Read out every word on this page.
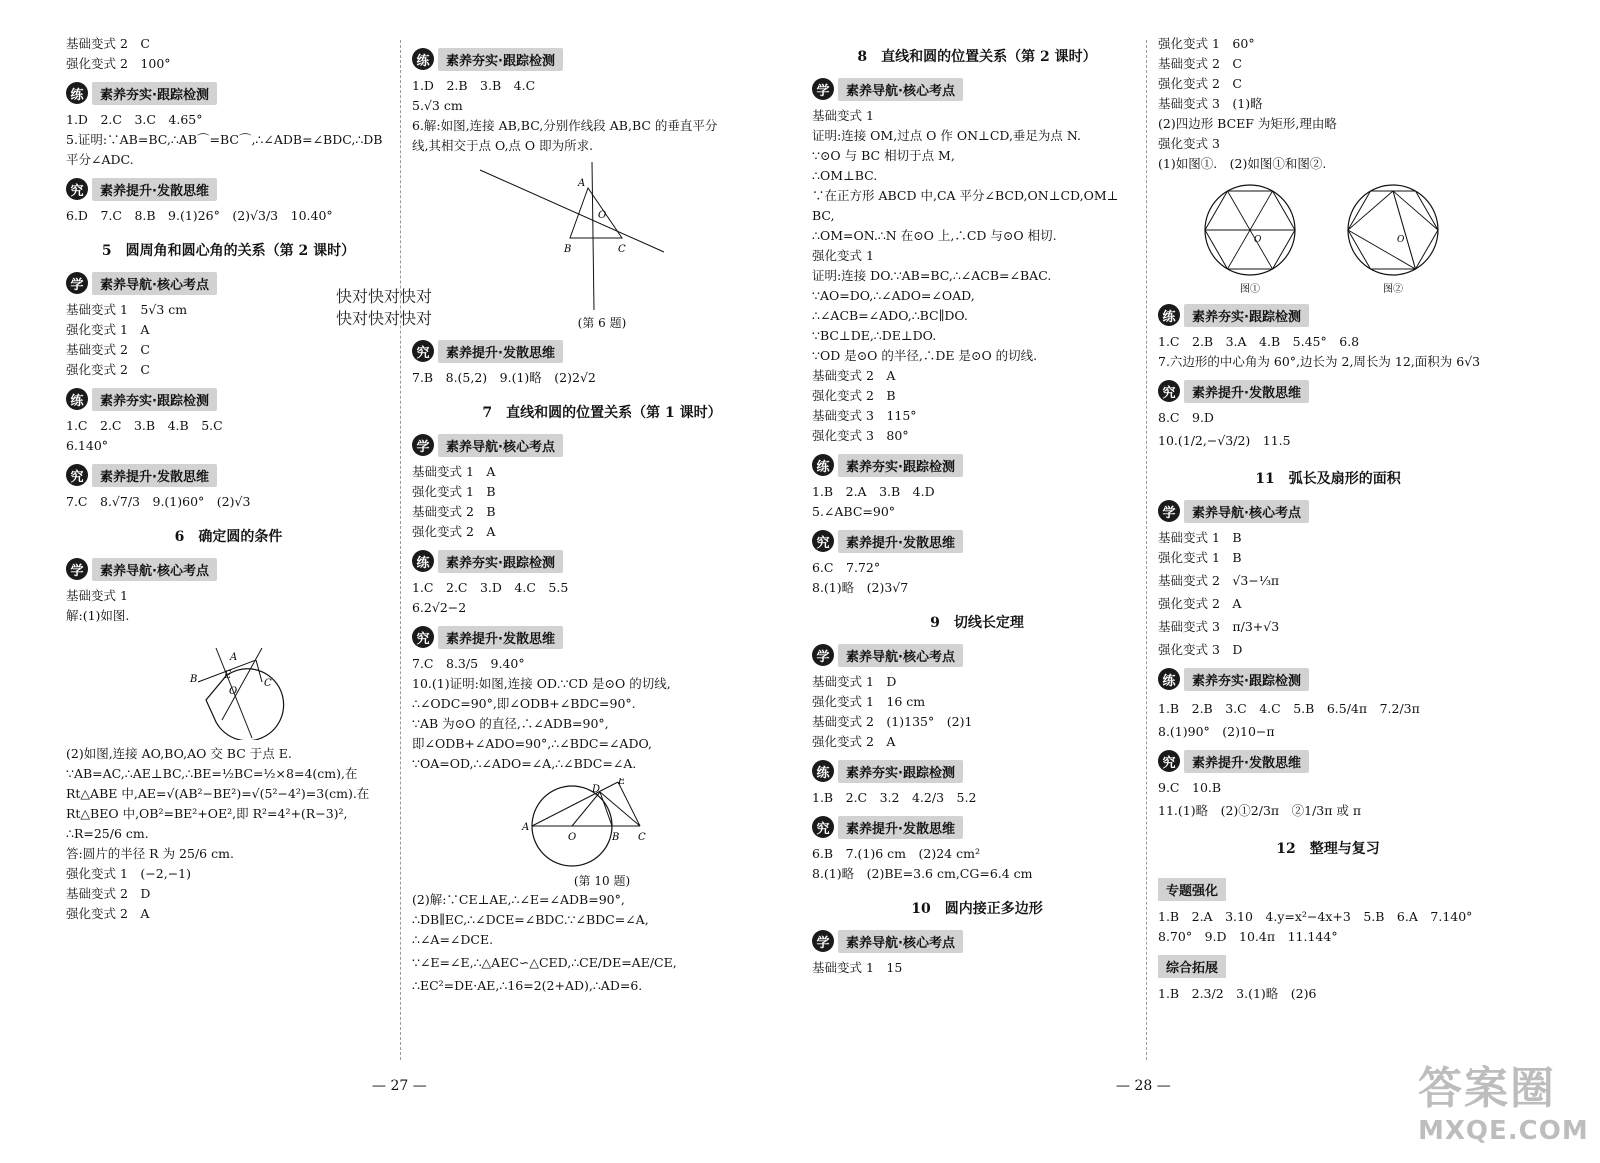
基础变式 2　C
强化变式 2　100°
练	素养夯实·跟踪检测
1.D　2.C　3.C　4.65°
5.证明:∵AB=BC,∴AB⌒=BC⌒,∴∠ADB=∠BDC,∴DB
平分∠ADC.
究	素养提升·发散思维
6.D　7.C　8.B　9.(1)26°　(2)√3/3　10.40°
5　圆周角和圆心角的关系（第 2 课时）
学	素养导航·核心考点
基础变式 1　5√3 cm
强化变式 1　A
基础变式 2　C
强化变式 2　C
练	素养夯实·跟踪检测
1.C　2.C　3.B　4.B　5.C
6.140°
究	素养提升·发散思维
7.C　8.√7/3　9.(1)60°　(2)√3
6　确定圆的条件
学	素养导航·核心考点
基础变式 1
解:(1)如图.
B
A
C
E
O
(2)如图,连接 AO,BO,AO 交 BC 于点 E.
∵AB=AC,∴AE⊥BC,∴BE=½BC=½×8=4(cm),在
Rt△ABE 中,AE=√(AB²−BE²)=√(5²−4²)=3(cm).在
Rt△BEO 中,OB²=BE²+OE²,即 R²=4²+(R−3)²,
∴R=25/6 cm.
答:圆片的半径 R 为 25/6 cm.
强化变式 1　(−2,−1)
基础变式 2　D
强化变式 2　A
练	素养夯实·跟踪检测
1.D　2.B　3.B　4.C
5.√3 cm
6.解:如图,连接 AB,BC,分别作线段 AB,BC 的垂直平分
线,其相交于点 O,点 O 即为所求.
A
B	C
O
(第 6 题)
究	素养提升·发散思维
7.B　8.(5,2)　9.(1)略　(2)2√2
7　直线和圆的位置关系（第 1 课时）
学	素养导航·核心考点
基础变式 1　A
强化变式 1　B
基础变式 2　B
强化变式 2　A
练	素养夯实·跟踪检测
1.C　2.C　3.D　4.C　5.5
6.2√2−2
究	素养提升·发散思维
7.C　8.3/5　9.40°
10.(1)证明:如图,连接 OD.∵CD 是⊙O 的切线,
∴∠ODC=90°,即∠ODB+∠BDC=90°.
∵AB 为⊙O 的直径,∴∠ADB=90°,
即∠ODB+∠ADO=90°,∴∠BDC=∠ADO,
∵OA=OD,∴∠ADO=∠A,∴∠BDC=∠A.
A
O	B C
D
E
(第 10 题)
(2)解:∵CE⊥AE,∴∠E=∠ADB=90°,
∴DB∥EC,∴∠DCE=∠BDC.∵∠BDC=∠A,
∴∠A=∠DCE.
∵∠E=∠E,∴△AEC∽△CED,∴CE/DE=AE/CE,
∴EC²=DE·AE,∴16=2(2+AD),∴AD=6.
— 27 —
8　直线和圆的位置关系（第 2 课时）
学	素养导航·核心考点
基础变式 1
证明:连接 OM,过点 O 作 ON⊥CD,垂足为点 N.
∵⊙O 与 BC 相切于点 M,
∴OM⊥BC.
∵在正方形 ABCD 中,CA 平分∠BCD,ON⊥CD,OM⊥
BC,
∴OM=ON.∴N 在⊙O 上,∴CD 与⊙O 相切.
强化变式 1
证明:连接 DO.∵AB=BC,∴∠ACB=∠BAC.
∵AO=DO,∴∠ADO=∠OAD,
∴∠ACB=∠ADO,∴BC∥DO.
∵BC⊥DE,∴DE⊥DO.
∵OD 是⊙O 的半径,∴DE 是⊙O 的切线.
基础变式 2　A
强化变式 2　B
基础变式 3　115°
强化变式 3　80°
练	素养夯实·跟踪检测
1.B　2.A　3.B　4.D
5.∠ABC=90°
究	素养提升·发散思维
6.C　7.72°
8.(1)略　(2)3√7
9　切线长定理
学	素养导航·核心考点
基础变式 1　D
强化变式 1　16 cm
基础变式 2　(1)135°　(2)1
强化变式 2　A
练	素养夯实·跟踪检测
1.B　2.C　3.2　4.2/3　5.2
究	素养提升·发散思维
6.B　7.(1)6 cm　(2)24 cm²
8.(1)略　(2)BE=3.6 cm,CG=6.4 cm
10　圆内接正多边形
学	素养导航·核心考点
基础变式 1　15
强化变式 1　60°
基础变式 2　C
强化变式 2　C
基础变式 3　(1)略
(2)四边形 BCEF 为矩形,理由略
强化变式 3
(1)如图①.　(2)如图①和图②.
O	O
图①	图②
练	素养夯实·跟踪检测
1.C　2.B　3.A　4.B　5.45°　6.8
7.六边形的中心角为 60°,边长为 2,周长为 12,面积为 6√3
究	素养提升·发散思维
8.C　9.D
10.(1/2,−√3/2)　11.5
11　弧长及扇形的面积
学	素养导航·核心考点
基础变式 1　B
强化变式 1　B
基础变式 2　√3−⅓π
强化变式 2　A
基础变式 3　π/3+√3
强化变式 3　D
练	素养夯实·跟踪检测
1.B　2.B　3.C　4.C　5.B　6.5/4π　7.2/3π
8.(1)90°　(2)10−π
究	素养提升·发散思维
9.C　10.B
11.(1)略　(2)①2/3π　②1/3π 或 π
12　整理与复习
专题强化
1.B　2.A　3.10　4.y=x²−4x+3　5.B　6.A　7.140°
8.70°　9.D　10.4π　11.144°
综合拓展
1.B　2.3/2　3.(1)略　(2)6
— 28 —
快对快对快对
快对快对快对
答案圈
MXQE.COM
